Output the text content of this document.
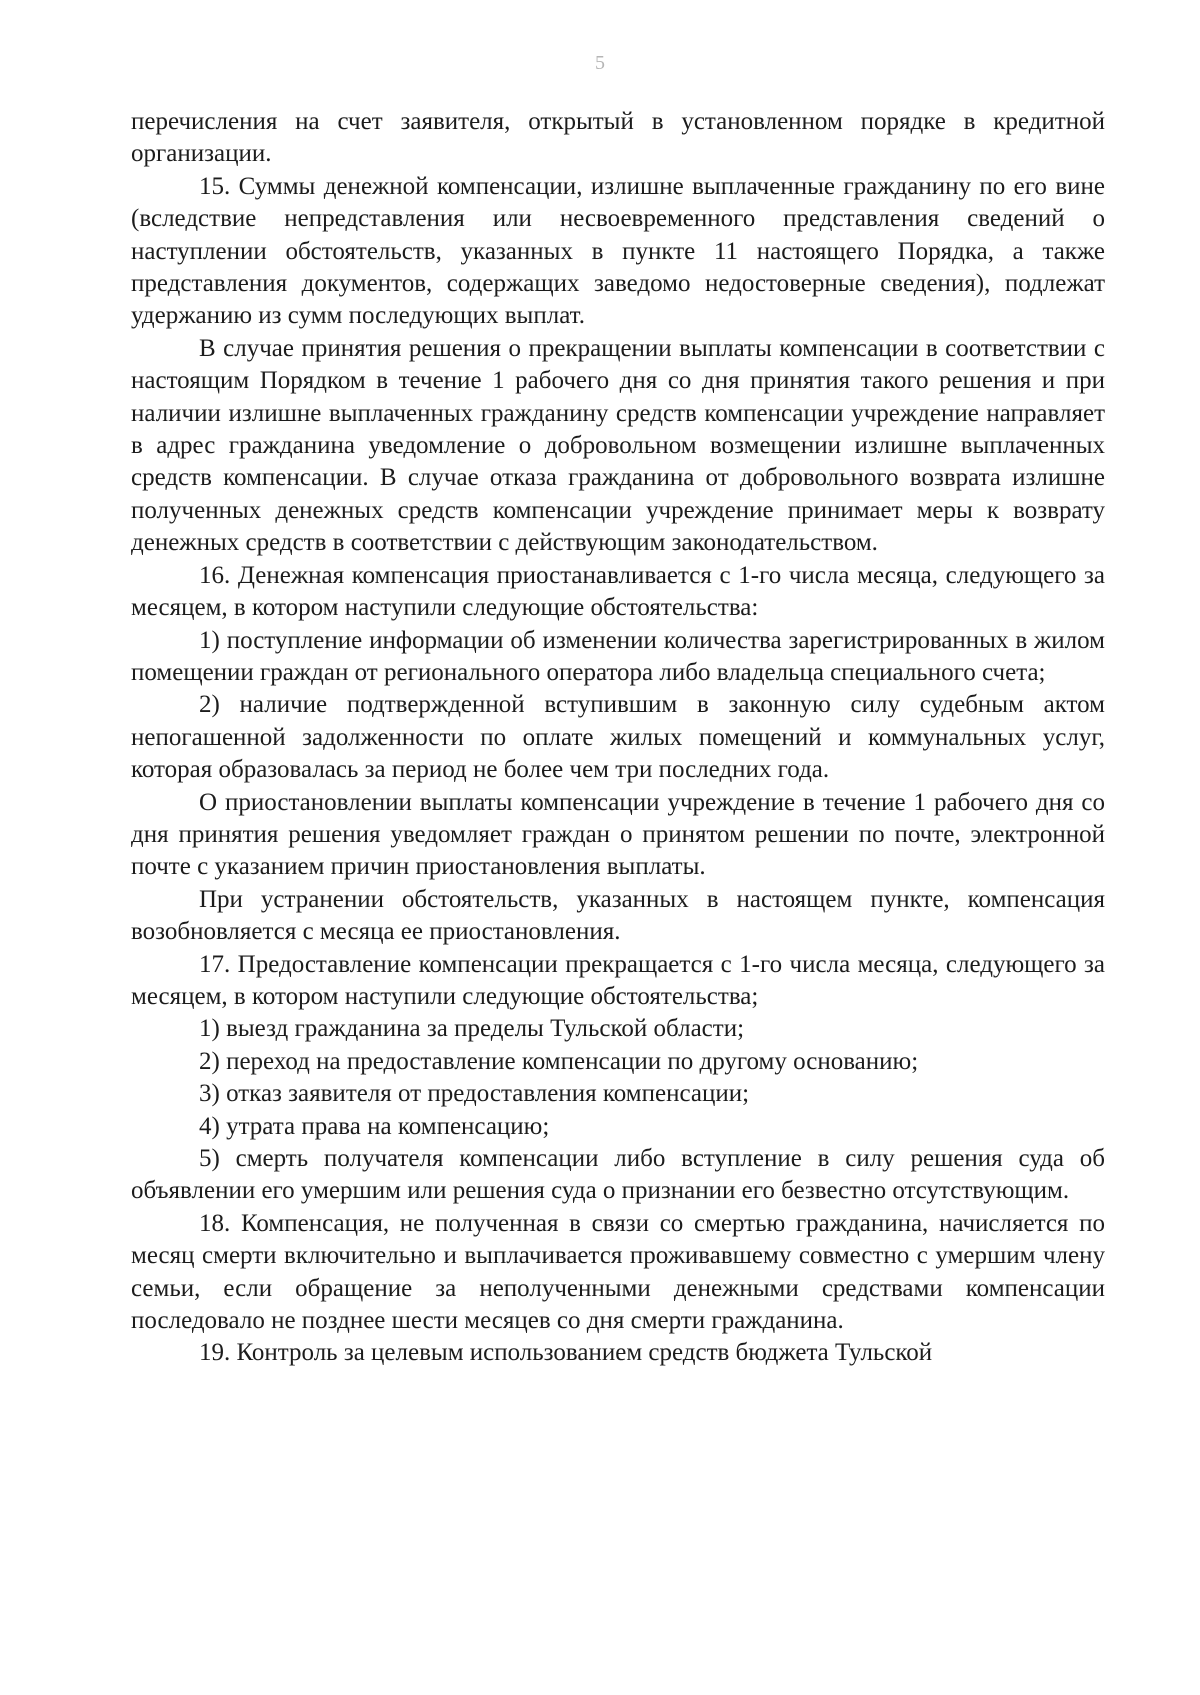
5

перечисления на счет заявителя, открытый в установленном порядке в кредитной организации.

15. Суммы денежной компенсации, излишне выплаченные гражданину по его вине (вследствие непредставления или несвоевременного представления сведений о наступлении обстоятельств, указанных в пункте 11 настоящего Порядка, а также представления документов, содержащих заведомо недостоверные сведения), подлежат удержанию из сумм последующих выплат.

В случае принятия решения о прекращении выплаты компенсации в соответствии с настоящим Порядком в течение 1 рабочего дня со дня принятия такого решения и при наличии излишне выплаченных гражданину средств компенсации учреждение направляет в адрес гражданина уведомление о добровольном возмещении излишне выплаченных средств компенсации. В случае отказа гражданина от добровольного возврата излишне полученных денежных средств компенсации учреждение принимает меры к возврату денежных средств в соответствии с действующим законодательством.

16. Денежная компенсация приостанавливается с 1-го числа месяца, следующего за месяцем, в котором наступили следующие обстоятельства:

1) поступление информации об изменении количества зарегистрированных в жилом помещении граждан от регионального оператора либо владельца специального счета;

2) наличие подтвержденной вступившим в законную силу судебным актом непогашенной задолженности по оплате жилых помещений и коммунальных услуг, которая образовалась за период не более чем три последних года.

О приостановлении выплаты компенсации учреждение в течение 1 рабочего дня со дня принятия решения уведомляет граждан о принятом решении по почте, электронной почте с указанием причин приостановления выплаты.

При устранении обстоятельств, указанных в настоящем пункте, компенсация возобновляется с месяца ее приостановления.

17. Предоставление компенсации прекращается с 1-го числа месяца, следующего за месяцем, в котором наступили следующие обстоятельства;

1) выезд гражданина за пределы Тульской области;

2) переход на предоставление компенсации по другому основанию;

3) отказ заявителя от предоставления компенсации;

4) утрата права на компенсацию;

5) смерть получателя компенсации либо вступление в силу решения суда об объявлении его умершим или решения суда о признании его безвестно отсутствующим.

18. Компенсация, не полученная в связи со смертью гражданина, начисляется по месяц смерти включительно и выплачивается проживавшему совместно с умершим члену семьи, если обращение за неполученными денежными средствами компенсации последовало не позднее шести месяцев со дня смерти гражданина.

19. Контроль за целевым использованием средств бюджета Тульской
